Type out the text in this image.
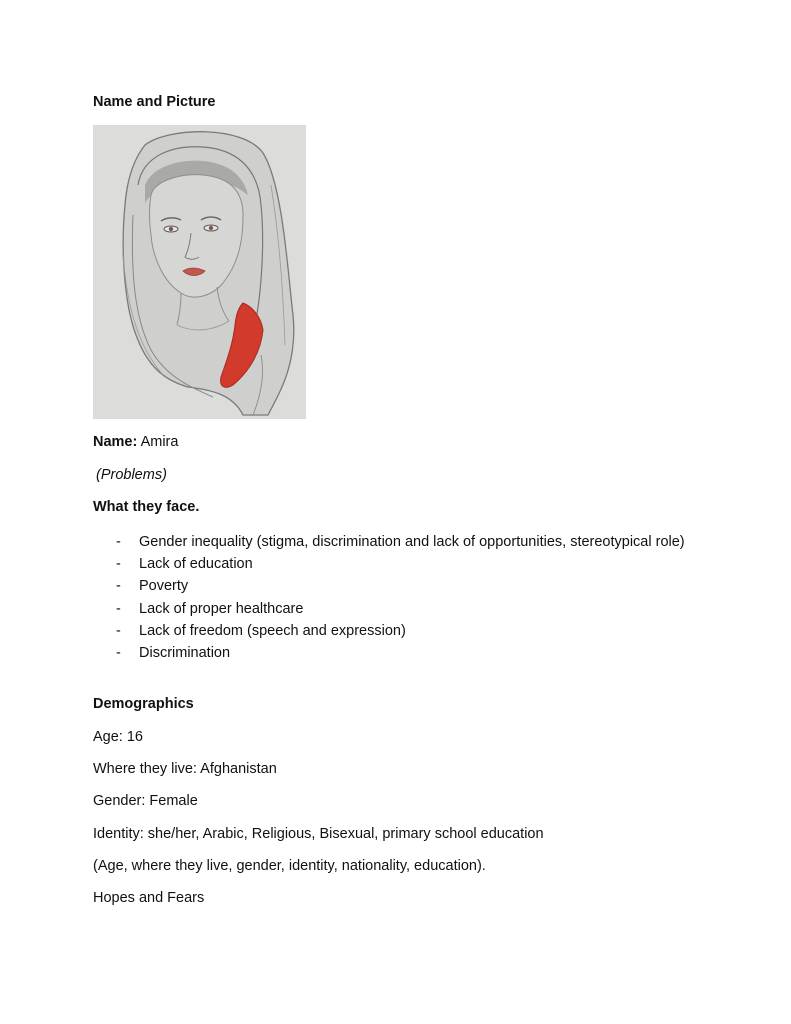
Name and Picture
Name: Amira
(Problems)
What they face.
- Gender inequality (stigma, discrimination and lack of opportunities, stereotypical role)
- Lack of education
- Poverty
- Lack of proper healthcare
- Lack of freedom (speech and expression)
- Discrimination
Demographics
Age: 16
Where they live: Afghanistan
Gender: Female
Identity: she/her, Arabic, Religious, Bisexual, primary school education
(Age, where they live, gender, identity, nationality, education).
Hopes and Fears
